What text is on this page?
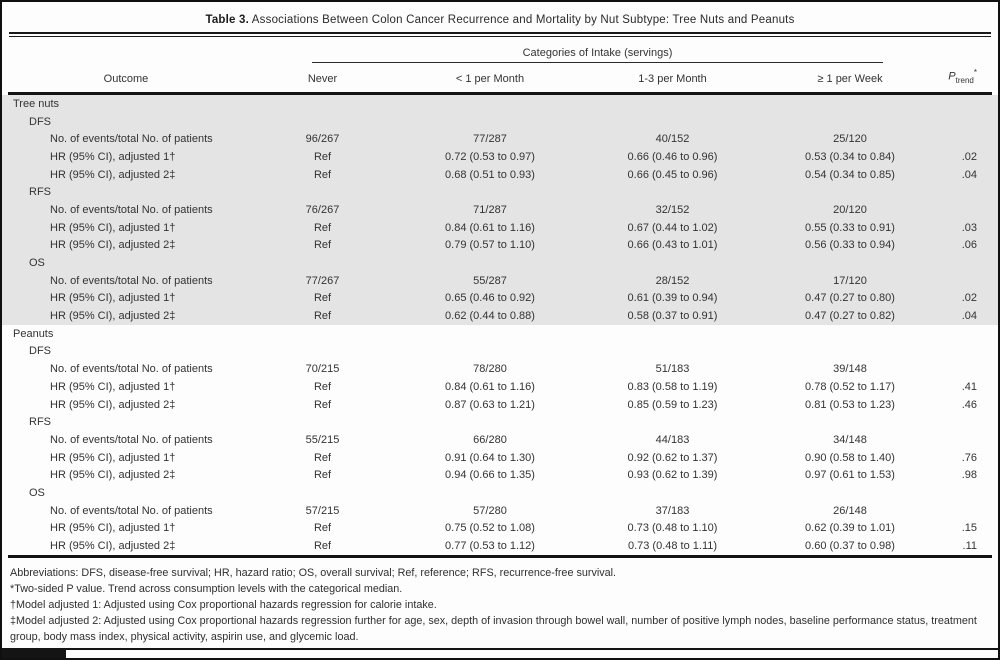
Table 3. Associations Between Colon Cancer Recurrence and Mortality by Nut Subtype: Tree Nuts and Peanuts
Categories of Intake (servings)
Outcome	Never	< 1 per Month	1-3 per Month	≥ 1 per Week	$P_{trend}^*$
Tree nuts
DFS
No. of events/total No. of patients	96/267	77/287	40/152	25/120
HR (95% CI), adjusted 1†	Ref	0.72 (0.53 to 0.97)	0.66 (0.46 to 0.96)	0.53 (0.34 to 0.84)	.02
HR (95% CI), adjusted 2‡	Ref	0.68 (0.51 to 0.93)	0.66 (0.45 to 0.96)	0.54 (0.34 to 0.85)	.04
RFS
No. of events/total No. of patients	76/267	71/287	32/152	20/120
HR (95% CI), adjusted 1†	Ref	0.84 (0.61 to 1.16)	0.67 (0.44 to 1.02)	0.55 (0.33 to 0.91)	.03
HR (95% CI), adjusted 2‡	Ref	0.79 (0.57 to 1.10)	0.66 (0.43 to 1.01)	0.56 (0.33 to 0.94)	.06
OS
No. of events/total No. of patients	77/267	55/287	28/152	17/120
HR (95% CI), adjusted 1†	Ref	0.65 (0.46 to 0.92)	0.61 (0.39 to 0.94)	0.47 (0.27 to 0.80)	.02
HR (95% CI), adjusted 2‡	Ref	0.62 (0.44 to 0.88)	0.58 (0.37 to 0.91)	0.47 (0.27 to 0.82)	.04
Peanuts
DFS
No. of events/total No. of patients	70/215	78/280	51/183	39/148
HR (95% CI), adjusted 1†	Ref	0.84 (0.61 to 1.16)	0.83 (0.58 to 1.19)	0.78 (0.52 to 1.17)	.41
HR (95% CI), adjusted 2‡	Ref	0.87 (0.63 to 1.21)	0.85 (0.59 to 1.23)	0.81 (0.53 to 1.23)	.46
RFS
No. of events/total No. of patients	55/215	66/280	44/183	34/148
HR (95% CI), adjusted 1†	Ref	0.91 (0.64 to 1.30)	0.92 (0.62 to 1.37)	0.90 (0.58 to 1.40)	.76
HR (95% CI), adjusted 2‡	Ref	0.94 (0.66 to 1.35)	0.93 (0.62 to 1.39)	0.97 (0.61 to 1.53)	.98
OS
No. of events/total No. of patients	57/215	57/280	37/183	26/148
HR (95% CI), adjusted 1†	Ref	0.75 (0.52 to 1.08)	0.73 (0.48 to 1.10)	0.62 (0.39 to 1.01)	.15
HR (95% CI), adjusted 2‡	Ref	0.77 (0.53 to 1.12)	0.73 (0.48 to 1.11)	0.60 (0.37 to 0.98)	.11
Abbreviations: DFS, disease-free survival; HR, hazard ratio; OS, overall survival; Ref, reference; RFS, recurrence-free survival.
*Two-sided P value. Trend across consumption levels with the categorical median.
†Model adjusted 1: Adjusted using Cox proportional hazards regression for calorie intake.
‡Model adjusted 2: Adjusted using Cox proportional hazards regression further for age, sex, depth of invasion through bowel wall, number of positive lymph nodes, baseline performance status, treatment group, body mass index, physical activity, aspirin use, and glycemic load.
